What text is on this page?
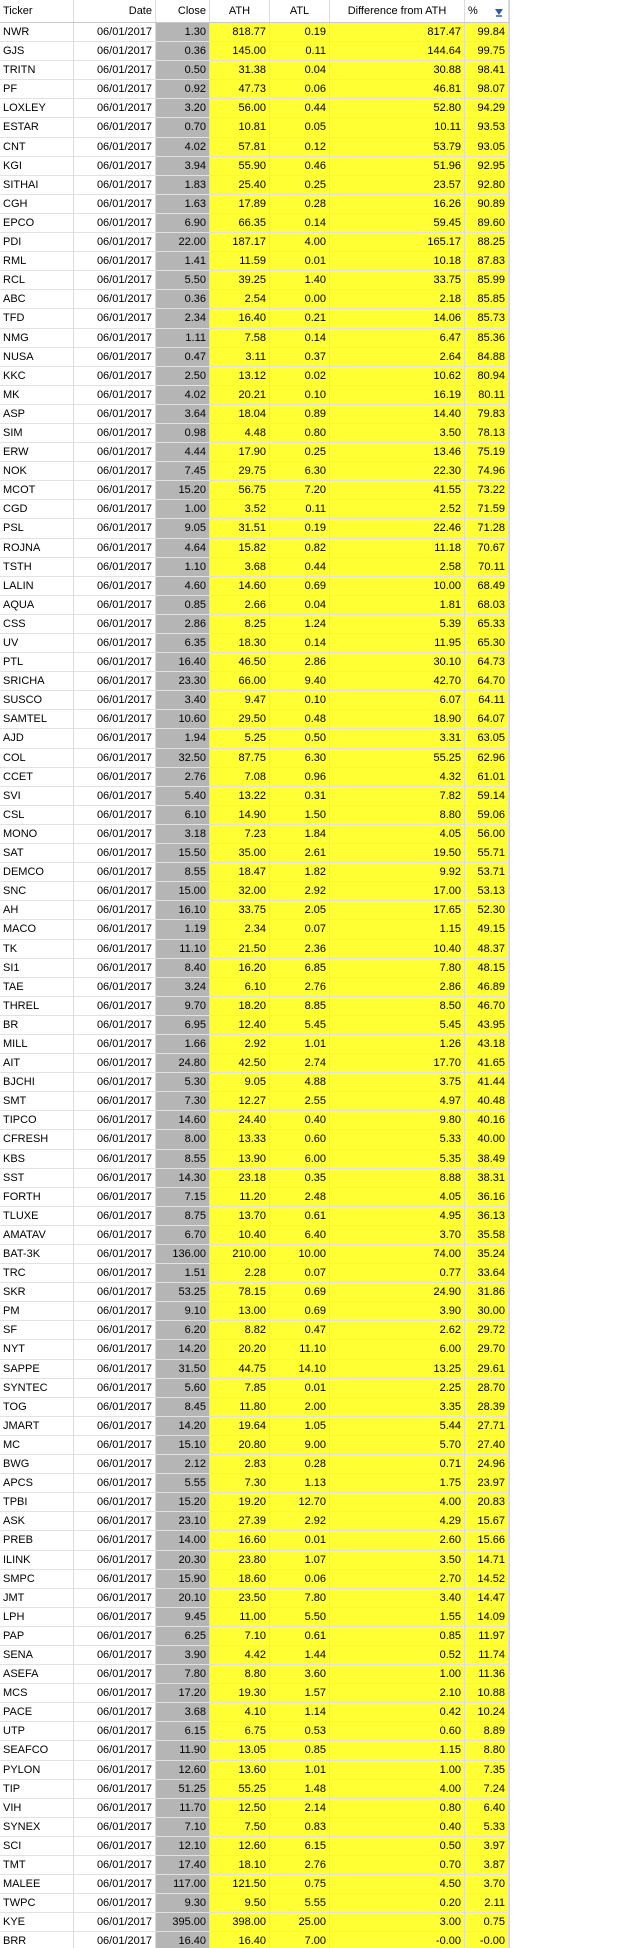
Ticker	Date	Close	ATH	ATL	Difference from ATH	%
NWR	06/01/2017	1.30	818.77	0.19	817.47	99.84
GJS	06/01/2017	0.36	145.00	0.11	144.64	99.75
TRITN	06/01/2017	0.50	31.38	0.04	30.88	98.41
PF	06/01/2017	0.92	47.73	0.06	46.81	98.07
LOXLEY	06/01/2017	3.20	56.00	0.44	52.80	94.29
ESTAR	06/01/2017	0.70	10.81	0.05	10.11	93.53
CNT	06/01/2017	4.02	57.81	0.12	53.79	93.05
KGI	06/01/2017	3.94	55.90	0.46	51.96	92.95
SITHAI	06/01/2017	1.83	25.40	0.25	23.57	92.80
CGH	06/01/2017	1.63	17.89	0.28	16.26	90.89
EPCO	06/01/2017	6.90	66.35	0.14	59.45	89.60
PDI	06/01/2017	22.00	187.17	4.00	165.17	88.25
RML	06/01/2017	1.41	11.59	0.01	10.18	87.83
RCL	06/01/2017	5.50	39.25	1.40	33.75	85.99
ABC	06/01/2017	0.36	2.54	0.00	2.18	85.85
TFD	06/01/2017	2.34	16.40	0.21	14.06	85.73
NMG	06/01/2017	1.11	7.58	0.14	6.47	85.36
NUSA	06/01/2017	0.47	3.11	0.37	2.64	84.88
KKC	06/01/2017	2.50	13.12	0.02	10.62	80.94
MK	06/01/2017	4.02	20.21	0.10	16.19	80.11
ASP	06/01/2017	3.64	18.04	0.89	14.40	79.83
SIM	06/01/2017	0.98	4.48	0.80	3.50	78.13
ERW	06/01/2017	4.44	17.90	0.25	13.46	75.19
NOK	06/01/2017	7.45	29.75	6.30	22.30	74.96
MCOT	06/01/2017	15.20	56.75	7.20	41.55	73.22
CGD	06/01/2017	1.00	3.52	0.11	2.52	71.59
PSL	06/01/2017	9.05	31.51	0.19	22.46	71.28
ROJNA	06/01/2017	4.64	15.82	0.82	11.18	70.67
TSTH	06/01/2017	1.10	3.68	0.44	2.58	70.11
LALIN	06/01/2017	4.60	14.60	0.69	10.00	68.49
AQUA	06/01/2017	0.85	2.66	0.04	1.81	68.03
CSS	06/01/2017	2.86	8.25	1.24	5.39	65.33
UV	06/01/2017	6.35	18.30	0.14	11.95	65.30
PTL	06/01/2017	16.40	46.50	2.86	30.10	64.73
SRICHA	06/01/2017	23.30	66.00	9.40	42.70	64.70
SUSCO	06/01/2017	3.40	9.47	0.10	6.07	64.11
SAMTEL	06/01/2017	10.60	29.50	0.48	18.90	64.07
AJD	06/01/2017	1.94	5.25	0.50	3.31	63.05
COL	06/01/2017	32.50	87.75	6.30	55.25	62.96
CCET	06/01/2017	2.76	7.08	0.96	4.32	61.01
SVI	06/01/2017	5.40	13.22	0.31	7.82	59.14
CSL	06/01/2017	6.10	14.90	1.50	8.80	59.06
MONO	06/01/2017	3.18	7.23	1.84	4.05	56.00
SAT	06/01/2017	15.50	35.00	2.61	19.50	55.71
DEMCO	06/01/2017	8.55	18.47	1.82	9.92	53.71
SNC	06/01/2017	15.00	32.00	2.92	17.00	53.13
AH	06/01/2017	16.10	33.75	2.05	17.65	52.30
MACO	06/01/2017	1.19	2.34	0.07	1.15	49.15
TK	06/01/2017	11.10	21.50	2.36	10.40	48.37
SI1	06/01/2017	8.40	16.20	6.85	7.80	48.15
TAE	06/01/2017	3.24	6.10	2.76	2.86	46.89
THREL	06/01/2017	9.70	18.20	8.85	8.50	46.70
BR	06/01/2017	6.95	12.40	5.45	5.45	43.95
MILL	06/01/2017	1.66	2.92	1.01	1.26	43.18
AIT	06/01/2017	24.80	42.50	2.74	17.70	41.65
BJCHI	06/01/2017	5.30	9.05	4.88	3.75	41.44
SMT	06/01/2017	7.30	12.27	2.55	4.97	40.48
TIPCO	06/01/2017	14.60	24.40	0.40	9.80	40.16
CFRESH	06/01/2017	8.00	13.33	0.60	5.33	40.00
KBS	06/01/2017	8.55	13.90	6.00	5.35	38.49
SST	06/01/2017	14.30	23.18	0.35	8.88	38.31
FORTH	06/01/2017	7.15	11.20	2.48	4.05	36.16
TLUXE	06/01/2017	8.75	13.70	0.61	4.95	36.13
AMATAV	06/01/2017	6.70	10.40	6.40	3.70	35.58
BAT-3K	06/01/2017	136.00	210.00	10.00	74.00	35.24
TRC	06/01/2017	1.51	2.28	0.07	0.77	33.64
SKR	06/01/2017	53.25	78.15	0.69	24.90	31.86
PM	06/01/2017	9.10	13.00	0.69	3.90	30.00
SF	06/01/2017	6.20	8.82	0.47	2.62	29.72
NYT	06/01/2017	14.20	20.20	11.10	6.00	29.70
SAPPE	06/01/2017	31.50	44.75	14.10	13.25	29.61
SYNTEC	06/01/2017	5.60	7.85	0.01	2.25	28.70
TOG	06/01/2017	8.45	11.80	2.00	3.35	28.39
JMART	06/01/2017	14.20	19.64	1.05	5.44	27.71
MC	06/01/2017	15.10	20.80	9.00	5.70	27.40
BWG	06/01/2017	2.12	2.83	0.28	0.71	24.96
APCS	06/01/2017	5.55	7.30	1.13	1.75	23.97
TPBI	06/01/2017	15.20	19.20	12.70	4.00	20.83
ASK	06/01/2017	23.10	27.39	2.92	4.29	15.67
PREB	06/01/2017	14.00	16.60	0.01	2.60	15.66
ILINK	06/01/2017	20.30	23.80	1.07	3.50	14.71
SMPC	06/01/2017	15.90	18.60	0.06	2.70	14.52
JMT	06/01/2017	20.10	23.50	7.80	3.40	14.47
LPH	06/01/2017	9.45	11.00	5.50	1.55	14.09
PAP	06/01/2017	6.25	7.10	0.61	0.85	11.97
SENA	06/01/2017	3.90	4.42	1.44	0.52	11.74
ASEFA	06/01/2017	7.80	8.80	3.60	1.00	11.36
MCS	06/01/2017	17.20	19.30	1.57	2.10	10.88
PACE	06/01/2017	3.68	4.10	1.14	0.42	10.24
UTP	06/01/2017	6.15	6.75	0.53	0.60	8.89
SEAFCO	06/01/2017	11.90	13.05	0.85	1.15	8.80
PYLON	06/01/2017	12.60	13.60	1.01	1.00	7.35
TIP	06/01/2017	51.25	55.25	1.48	4.00	7.24
VIH	06/01/2017	11.70	12.50	2.14	0.80	6.40
SYNEX	06/01/2017	7.10	7.50	0.83	0.40	5.33
SCI	06/01/2017	12.10	12.60	6.15	0.50	3.97
TMT	06/01/2017	17.40	18.10	2.76	0.70	3.87
MALEE	06/01/2017	117.00	121.50	0.75	4.50	3.70
TWPC	06/01/2017	9.30	9.50	5.55	0.20	2.11
KYE	06/01/2017	395.00	398.00	25.00	3.00	0.75
BRR	06/01/2017	16.40	16.40	7.00	-0.00	-0.00
